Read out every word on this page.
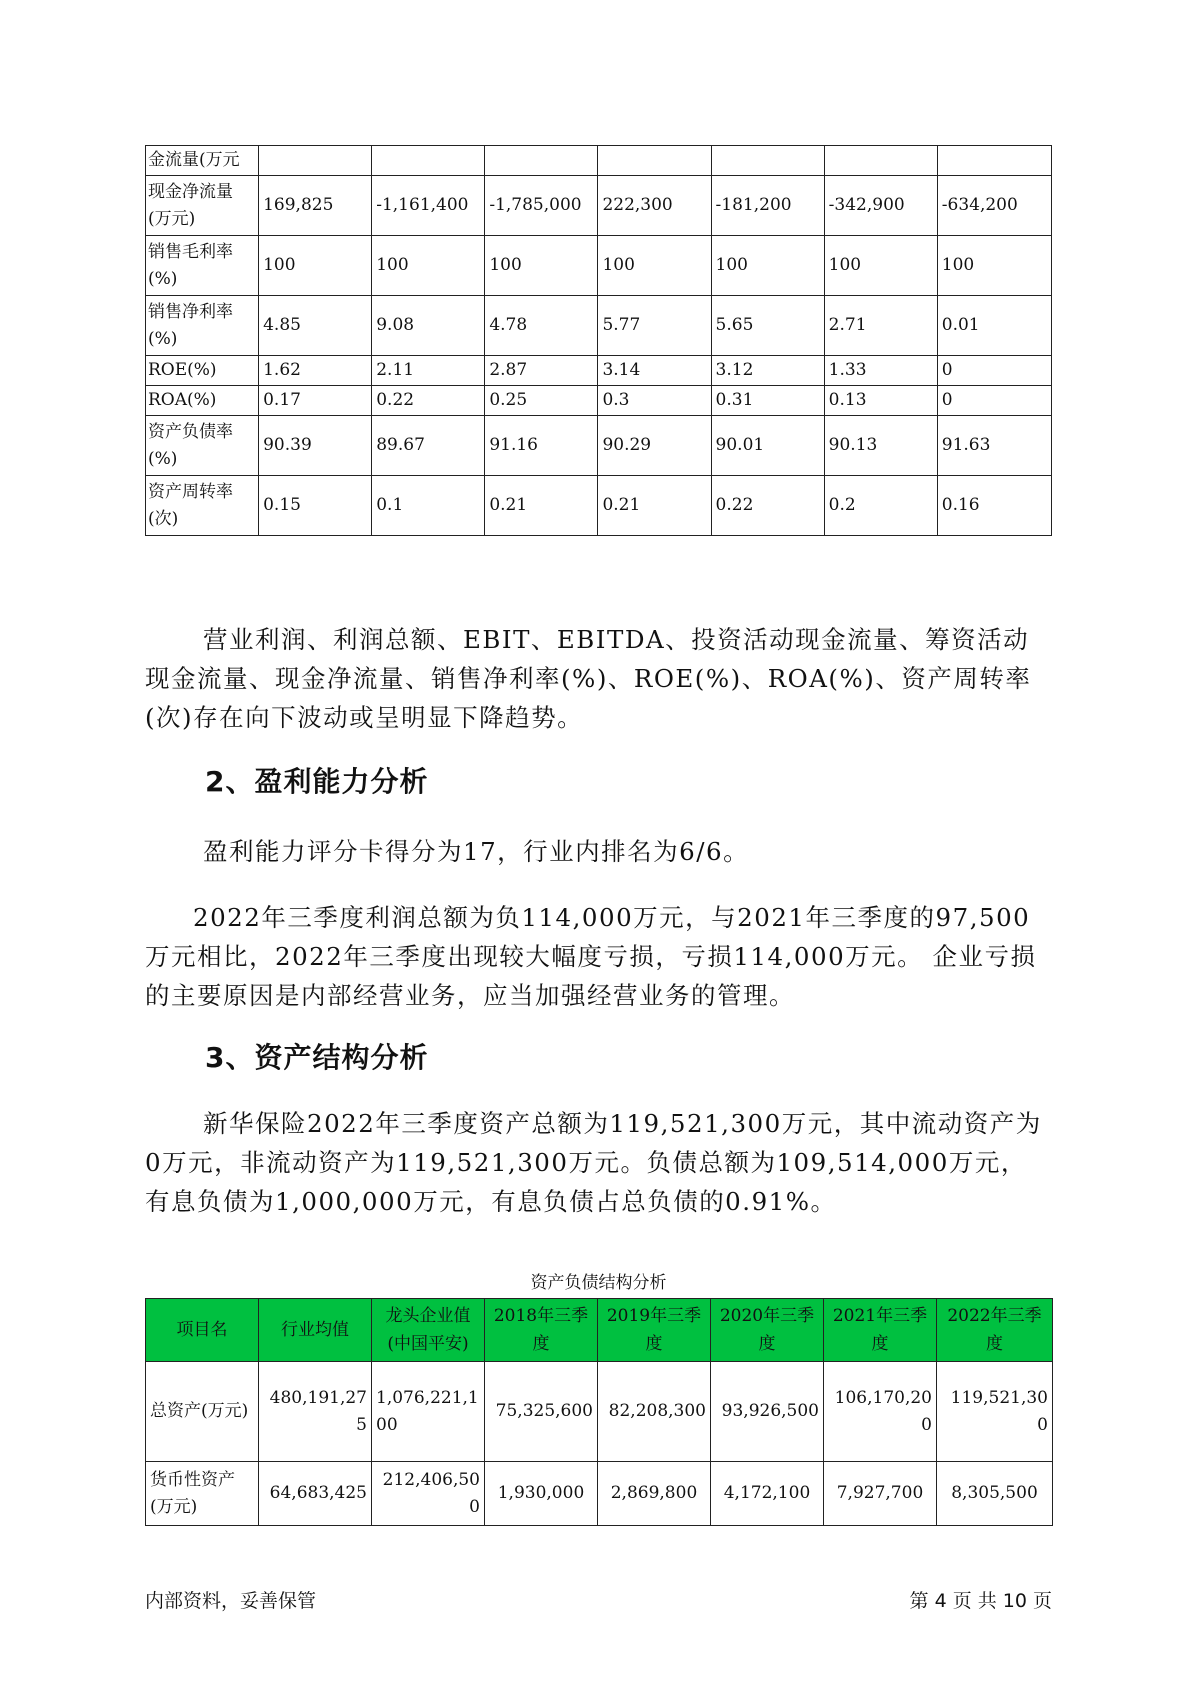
金流量(万元							
现金净流量(万元)	169,825	-1,161,400	-1,785,000	222,300	-181,200	-342,900	-634,200
销售毛利率(%)	100	100	100	100	100	100	100
销售净利率(%)	4.85	9.08	4.78	5.77	5.65	2.71	0.01
ROE(%)	1.62	2.11	2.87	3.14	3.12	1.33	0
ROA(%)	0.17	0.22	0.25	0.3	0.31	0.13	0
资产负债率(%)	90.39	89.67	91.16	90.29	90.01	90.13	91.63
资产周转率(次)	0.15	0.1	0.21	0.21	0.22	0.2	0.16

营业利润、利润总额、EBIT、EBITDA、投资活动现金流量、筹资活动现金流量、现金净流量、销售净利率(%)、ROE(%)、ROA(%)、资产周转率(次)存在向下波动或呈明显下降趋势。

2、盈利能力分析

盈利能力评分卡得分为17，行业内排名为6/6。

2022年三季度利润总额为负114,000万元，与2021年三季度的97,500万元相比，2022年三季度出现较大幅度亏损，亏损114,000万元。 企业亏损的主要原因是内部经营业务，应当加强经营业务的管理。

3、资产结构分析

新华保险2022年三季度资产总额为119,521,300万元，其中流动资产为0万元，非流动资产为119,521,300万元。负债总额为109,514,000万元，有息负债为1,000,000万元，有息负债占总负债的0.91%。

资产负债结构分析
项目名	行业均值	龙头企业值(中国平安)	2018年三季度	2019年三季度	2020年三季度	2021年三季度	2022年三季度
总资产(万元)	480,191,275	1,076,221,100	75,325,600	82,208,300	93,926,500	106,170,200	119,521,300
货币性资产(万元)	64,683,425	212,406,500	1,930,000	2,869,800	4,172,100	7,927,700	8,305,500
内部资料，妥善保管	第 4 页 共 10 页
